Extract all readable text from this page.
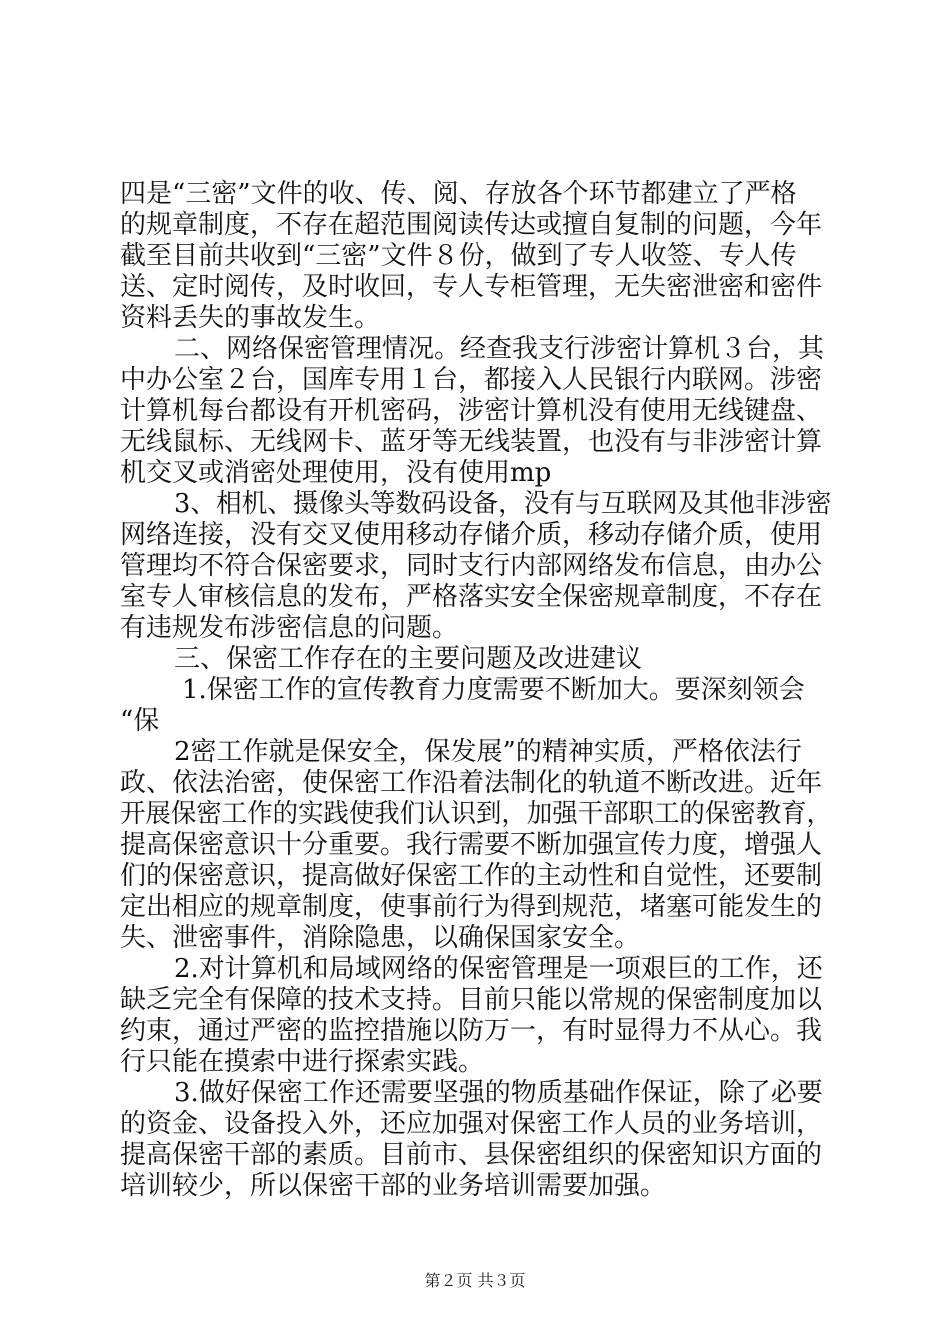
四是“三密”文件的收、传、阅、存放各个环节都建立了严格
的规章制度，不存在超范围阅读传达或擅自复制的问题，今年
截至目前共收到“三密”文件８份，做到了专人收签、专人传
送、定时阅传，及时收回，专人专柜管理，无失密泄密和密件
资料丢失的事故发生。
二、网络保密管理情况。经查我支行涉密计算机３台，其
中办公室２台，国库专用１台，都接入人民银行内联网。涉密
计算机每台都设有开机密码，涉密计算机没有使用无线键盘、
无线鼠标、无线网卡、蓝牙等无线装置，也没有与非涉密计算
机交叉或消密处理使用，没有使用mp
3、相机、摄像头等数码设备，没有与互联网及其他非涉密
网络连接，没有交叉使用移动存储介质，移动存储介质，使用
管理均不符合保密要求，同时支行内部网络发布信息，由办公
室专人审核信息的发布，严格落实安全保密规章制度，不存在
有违规发布涉密信息的问题。
三、保密工作存在的主要问题及改进建议
1.保密工作的宣传教育力度需要不断加大。要深刻领会
“保
2密工作就是保安全，保发展”的精神实质，严格依法行
政、依法治密，使保密工作沿着法制化的轨道不断改进。近年
开展保密工作的实践使我们认识到，加强干部职工的保密教育，
提高保密意识十分重要。我行需要不断加强宣传力度，增强人
们的保密意识，提高做好保密工作的主动性和自觉性，还要制
定出相应的规章制度，使事前行为得到规范，堵塞可能发生的
失、泄密事件，消除隐患，以确保国家安全。
2.对计算机和局域网络的保密管理是一项艰巨的工作，还
缺乏完全有保障的技术支持。目前只能以常规的保密制度加以
约束，通过严密的监控措施以防万一，有时显得力不从心。我
行只能在摸索中进行探索实践。
3.做好保密工作还需要坚强的物质基础作保证，除了必要
的资金、设备投入外，还应加强对保密工作人员的业务培训，
提高保密干部的素质。目前市、县保密组织的保密知识方面的
培训较少，所以保密干部的业务培训需要加强。
第２页 共３页
